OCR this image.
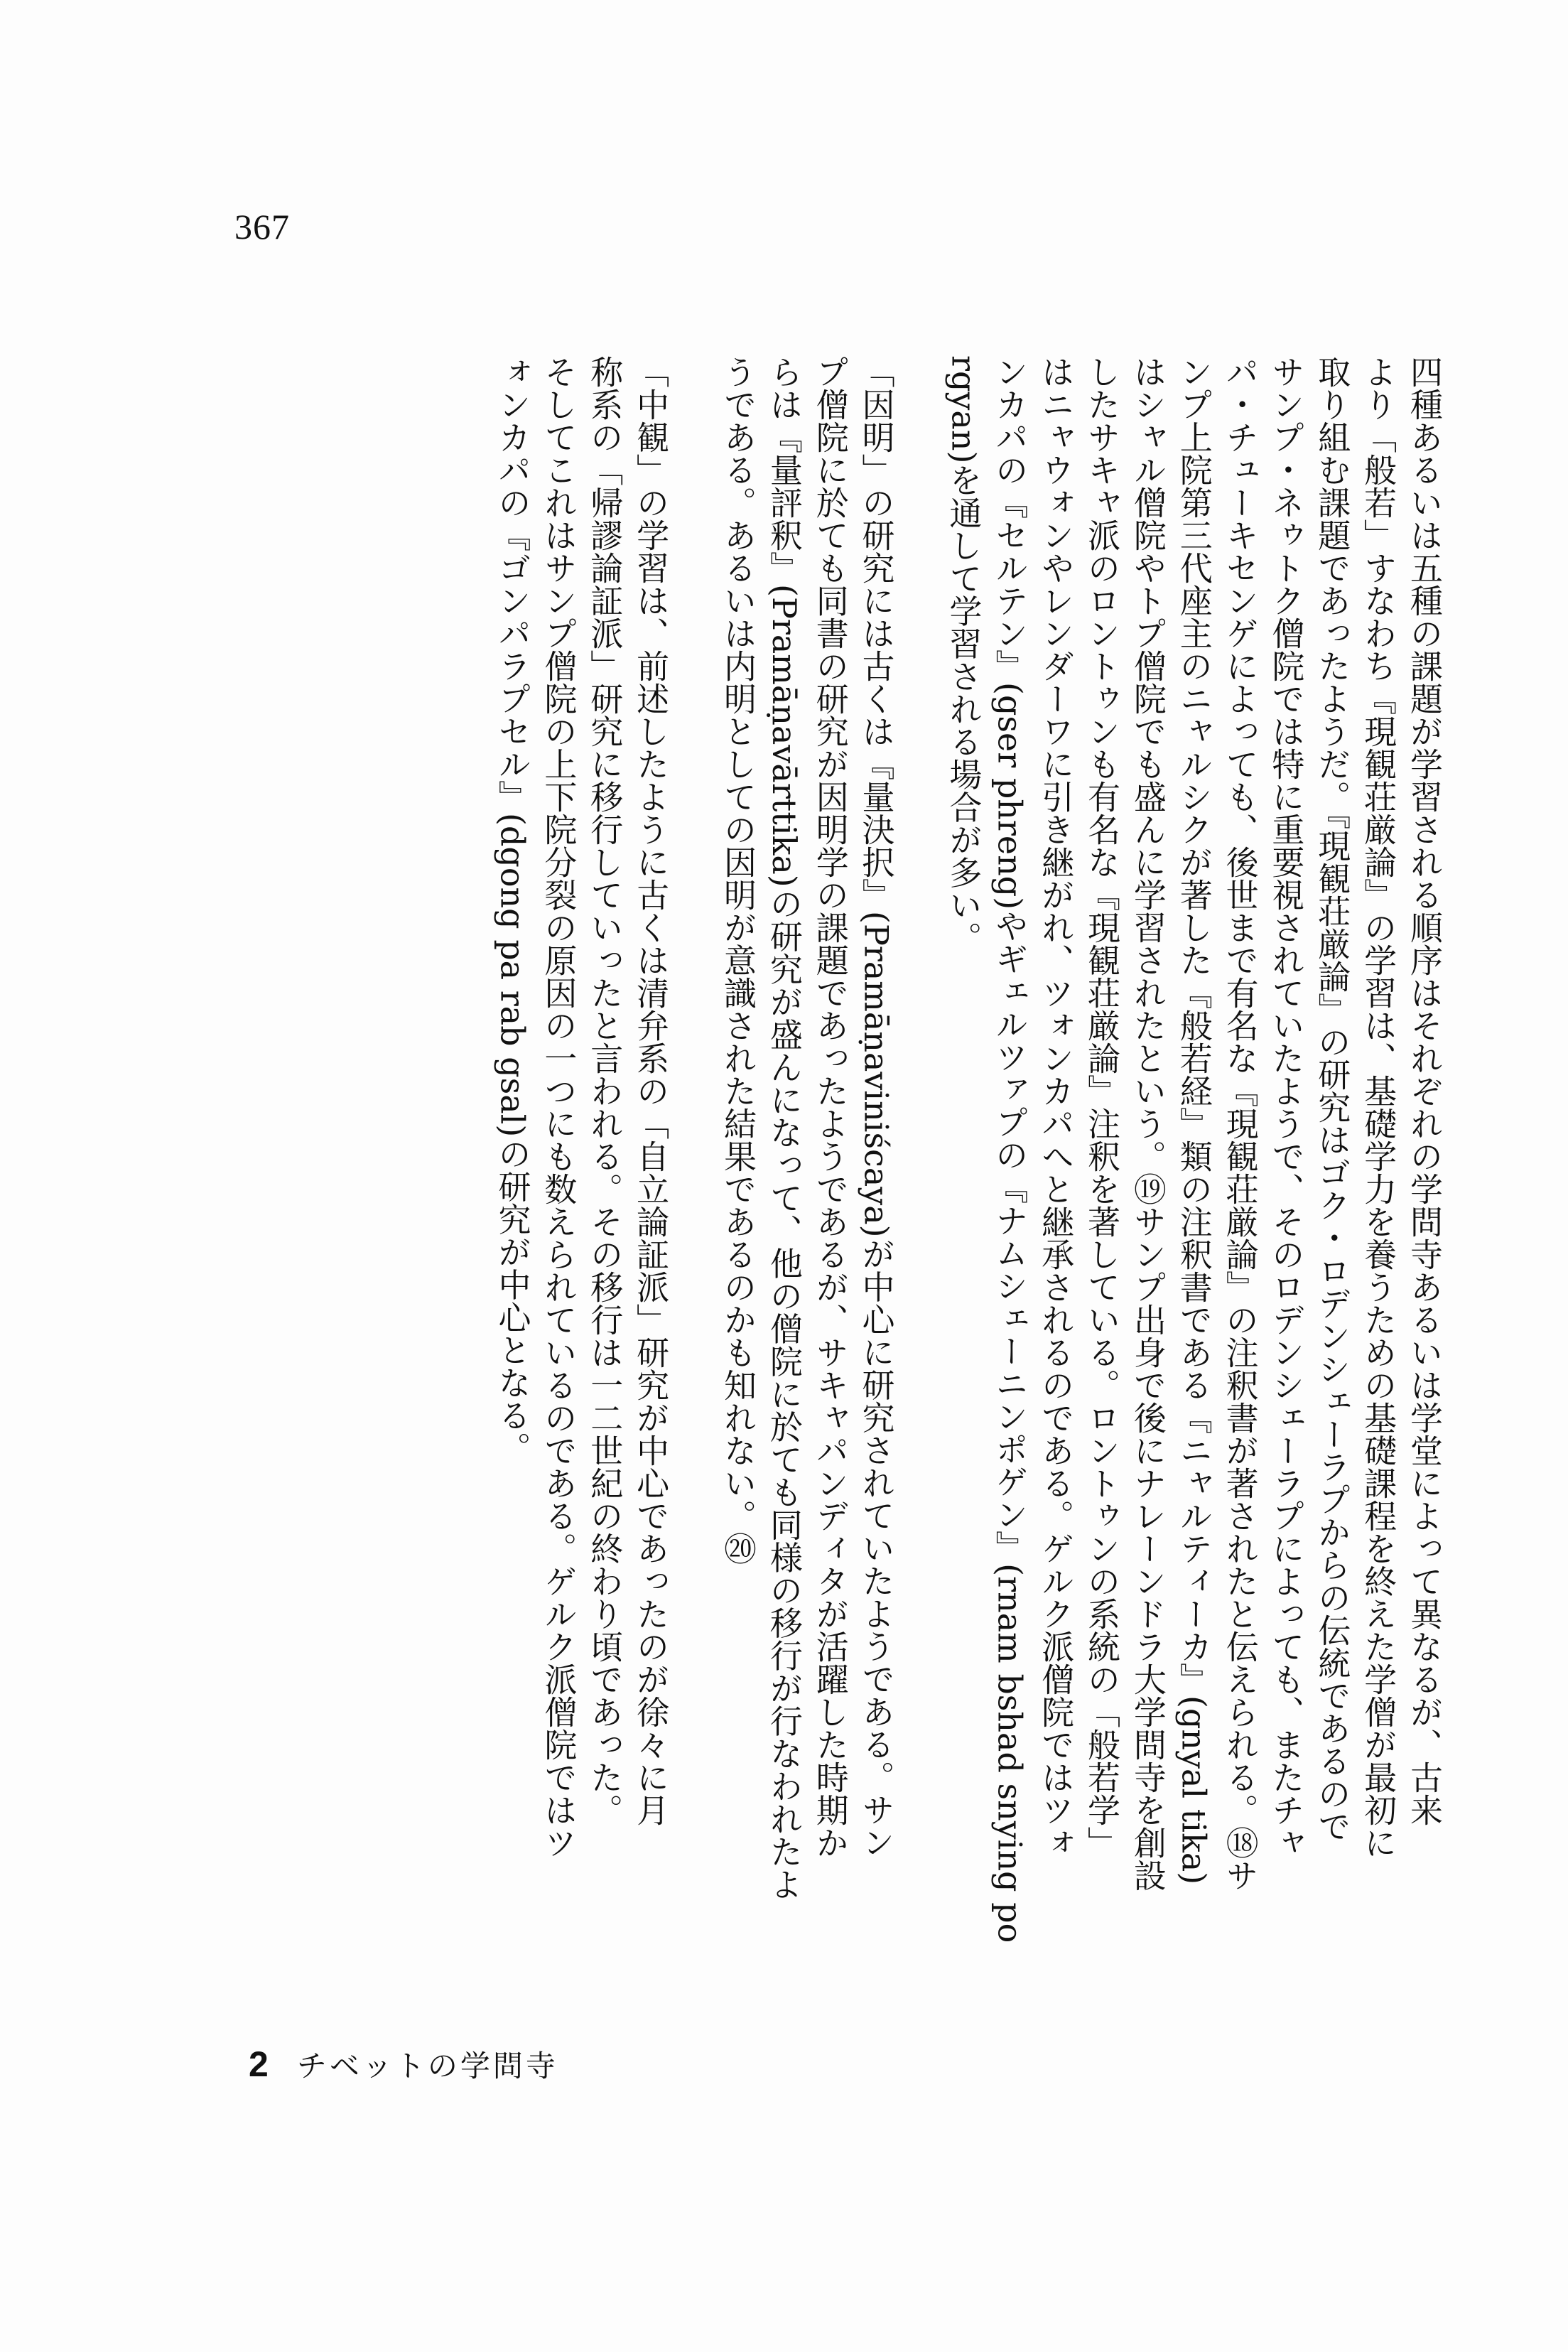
367

四種あるいは五種の課題が学習される順序はそれぞれの学問寺あるいは学堂によって異なるが、古来

より「般若」すなわち『現観荘厳論』の学習は、基礎学力を養うための基礎課程を終えた学僧が最初に

取り組む課題であったようだ。『現観荘厳論』の研究はゴク・ロデンシェーラプからの伝統であるので

サンプ・ネゥトク僧院では特に重要視されていたようで、そのロデンシェーラプによっても、またチャ

パ・チューキセンゲによっても、後世まで有名な『現観荘厳論』の注釈書が著されたと伝えられる。⑱サ

ンプ上院第三代座主のニャルシクが著した『般若経』類の注釈書である『ニャルティーカ』(gnyal tika)

はシャル僧院やトプ僧院でも盛んに学習されたという。⑲サンプ出身で後にナレーンドラ大学問寺を創設

したサキャ派のロントゥンも有名な『現観荘厳論』注釈を著している。ロントゥンの系統の「般若学」

はニャウォンやレンダーワに引き継がれ、ツォンカパへと継承されるのである。ゲルク派僧院ではツォ

ンカパの『セルテン』(gser phreng)やギェルツァプの『ナムシェーニンポゲン』(rnam bshad snying po

rgyan)を通して学習される場合が多い。

「因明」の研究には古くは『量決択』(Pramāṇaviniścaya)が中心に研究されていたようである。サン

プ僧院に於ても同書の研究が因明学の課題であったようであるが、サキャパンディタが活躍した時期か

らは『量評釈』(Pramāṇavārttika)の研究が盛んになって、他の僧院に於ても同様の移行が行なわれたよ

うである。あるいは内明としての因明が意識された結果であるのかも知れない。⑳

「中観」の学習は、前述したように古くは清弁系の「自立論証派」研究が中心であったのが徐々に月

称系の「帰謬論証派」研究に移行していったと言われる。その移行は一二世紀の終わり頃であった。

そしてこれはサンプ僧院の上下院分裂の原因の一つにも数えられているのである。ゲルク派僧院ではツ

ォンカパの『ゴンパラプセル』(dgong pa rab gsal)の研究が中心となる。

2 チベットの学問寺
